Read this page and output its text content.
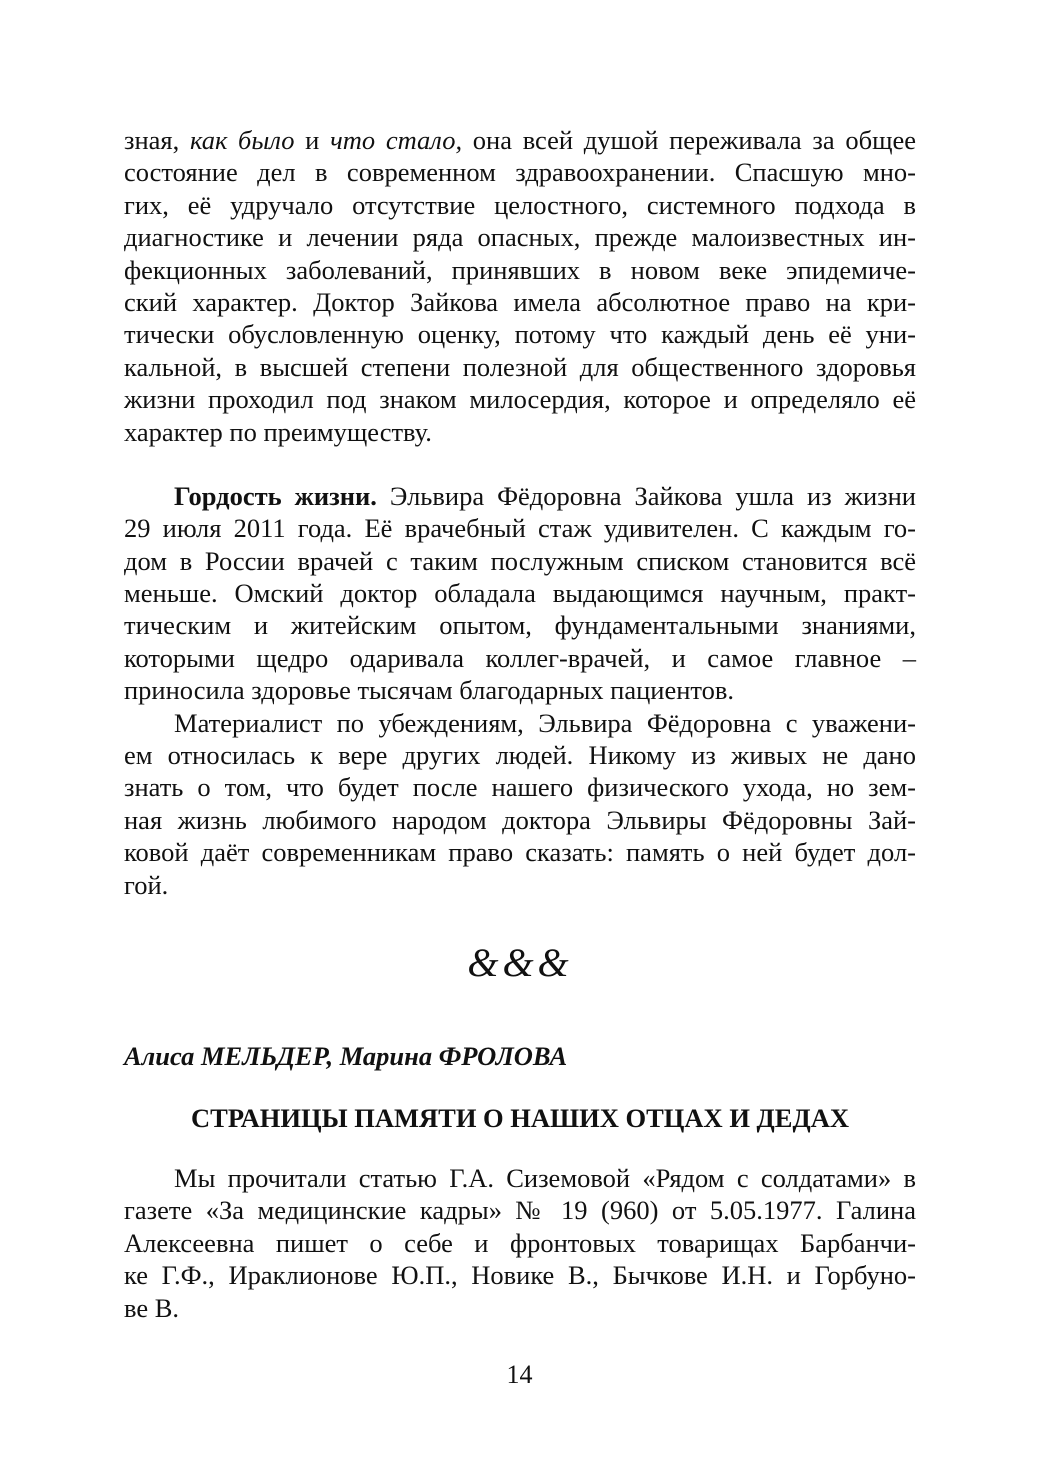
зная, как было и что стало, она всей душой переживала за общее
состояние дел в современном здравоохранении. Спасшую мно-
гих, её удручало отсутствие целостного, системного подхода в
диагностике и лечении ряда опасных, прежде малоизвестных ин-
фекционных заболеваний, принявших в новом веке эпидемиче-
ский характер. Доктор Зайкова имела абсолютное право на кри-
тически обусловленную оценку, потому что каждый день её уни-
кальной, в высшей степени полезной для общественного здоровья
жизни проходил под знаком милосердия, которое и определяло её
характер по преимуществу.
Гордость жизни. Эльвира Фёдоровна Зайкова ушла из жизни
29 июля 2011 года. Её врачебный стаж удивителен. С каждым го-
дом в России врачей с таким послужным списком становится всё
меньше. Омский доктор обладала выдающимся научным, практ-
тическим и житейским опытом, фундаментальными знаниями,
которыми щедро одаривала коллег-врачей, и самое главное –
приносила здоровье тысячам благодарных пациентов.
Материалист по убеждениям, Эльвира Фёдоровна с уважени-
ем относилась к вере других людей. Никому из живых не дано
знать о том, что будет после нашего физического ухода, но зем-
ная жизнь любимого народом доктора Эльвиры Фёдоровны Зай-
ковой даёт современникам право сказать: память о ней будет дол-
гой.
&&&
Алиса МЕЛЬДЕР, Марина ФРОЛОВА
СТРАНИЦЫ ПАМЯТИ О НАШИХ ОТЦАХ И ДЕДАХ
Мы прочитали статью Г.А. Сиземовой «Рядом с солдатами» в
газете «За медицинские кадры» № 19 (960) от 5.05.1977. Галина
Алексеевна пишет о себе и фронтовых товарищах Барбанчи-
ке Г.Ф., Ираклионове Ю.П., Новике В., Бычкове И.Н. и Горбуно-
ве В.
14
